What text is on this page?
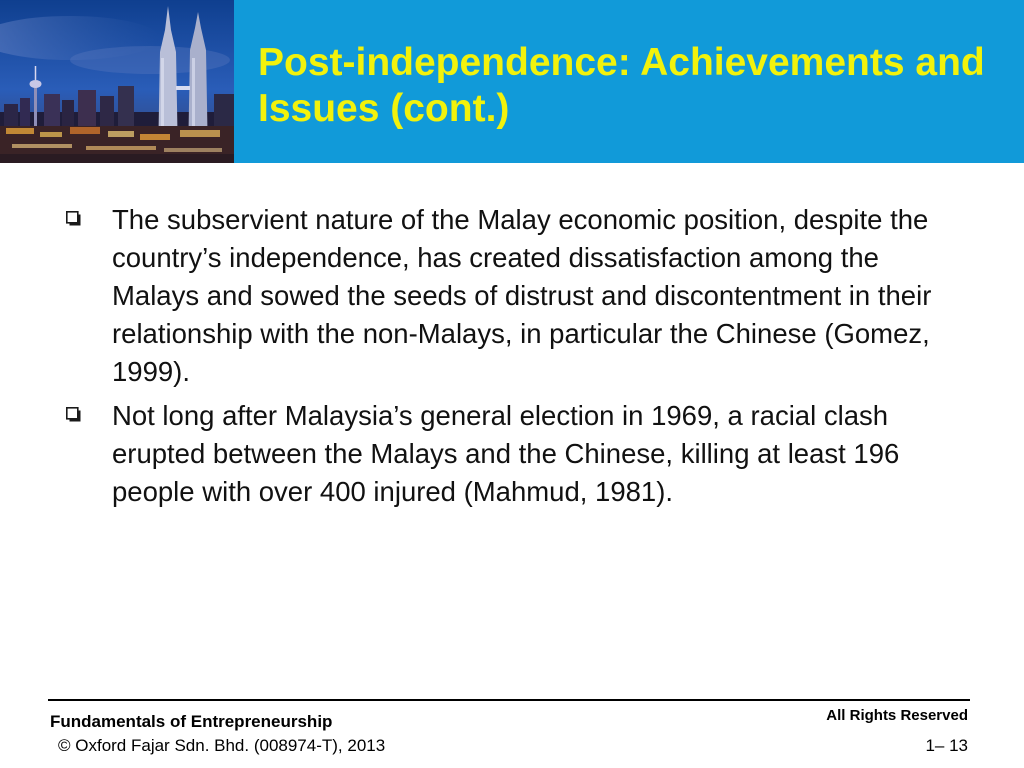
Post-independence: Achievements and Issues (cont.)
The subservient nature of the Malay economic position, despite the country’s independence, has created dissatisfaction among the Malays and sowed the seeds of distrust and discontentment in their relationship with the non-Malays, in particular the Chinese (Gomez, 1999).
Not long after Malaysia’s general election in 1969, a racial clash erupted between the Malays and the Chinese, killing at least 196 people with over 400 injured (Mahmud, 1981).
Fundamentals of Entrepreneurship	All Rights Reserved
© Oxford Fajar Sdn. Bhd. (008974-T), 2013	1– 13
